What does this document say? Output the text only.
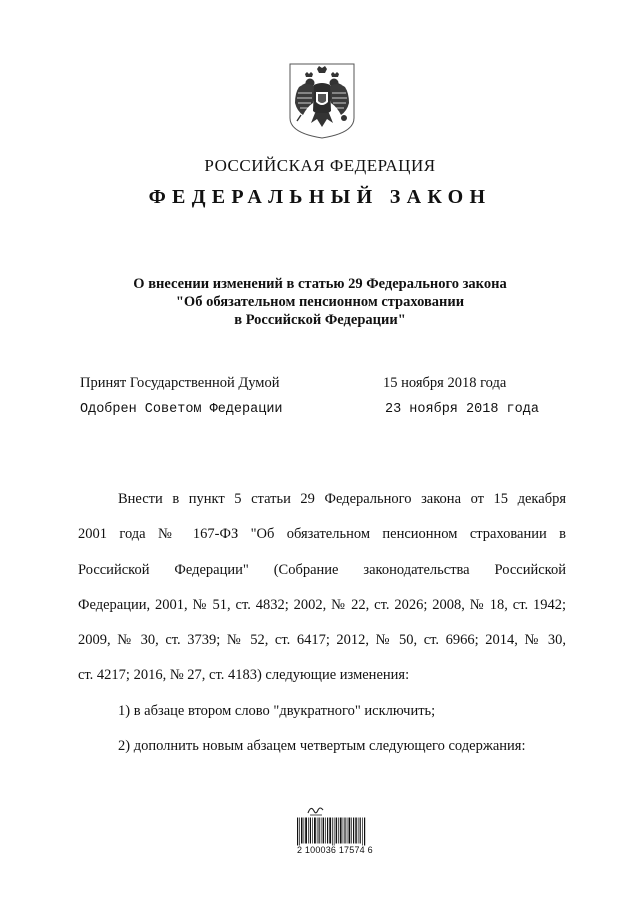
РОССИЙСКАЯ ФЕДЕРАЦИЯ
ФЕДЕРАЛЬНЫЙ ЗАКОН
О внесении изменений в статью 29 Федерального закона
"Об обязательном пенсионном страховании
в Российской Федерации"
Принят Государственной Думой	15 ноября 2018 года
Одобрен Советом Федерации	23 ноября 2018 года

Внести в пункт 5 статьи 29 Федерального закона от 15 декабря

2001 года № 167-ФЗ "Об обязательном пенсионном страховании в

Российской Федерации" (Собрание законодательства Российской

Федерации, 2001, № 51, ст. 4832; 2002, № 22, ст. 2026; 2008, № 18, ст. 1942;

2009, № 30, ст. 3739; № 52, ст. 6417; 2012, № 50, ст. 6966; 2014, № 30,

ст. 4217; 2016, № 27, ст. 4183) следующие изменения:

1) в абзаце втором слово "двукратного" исключить;

2) дополнить новым абзацем четвертым следующего содержания:

2 100036 17574 6
